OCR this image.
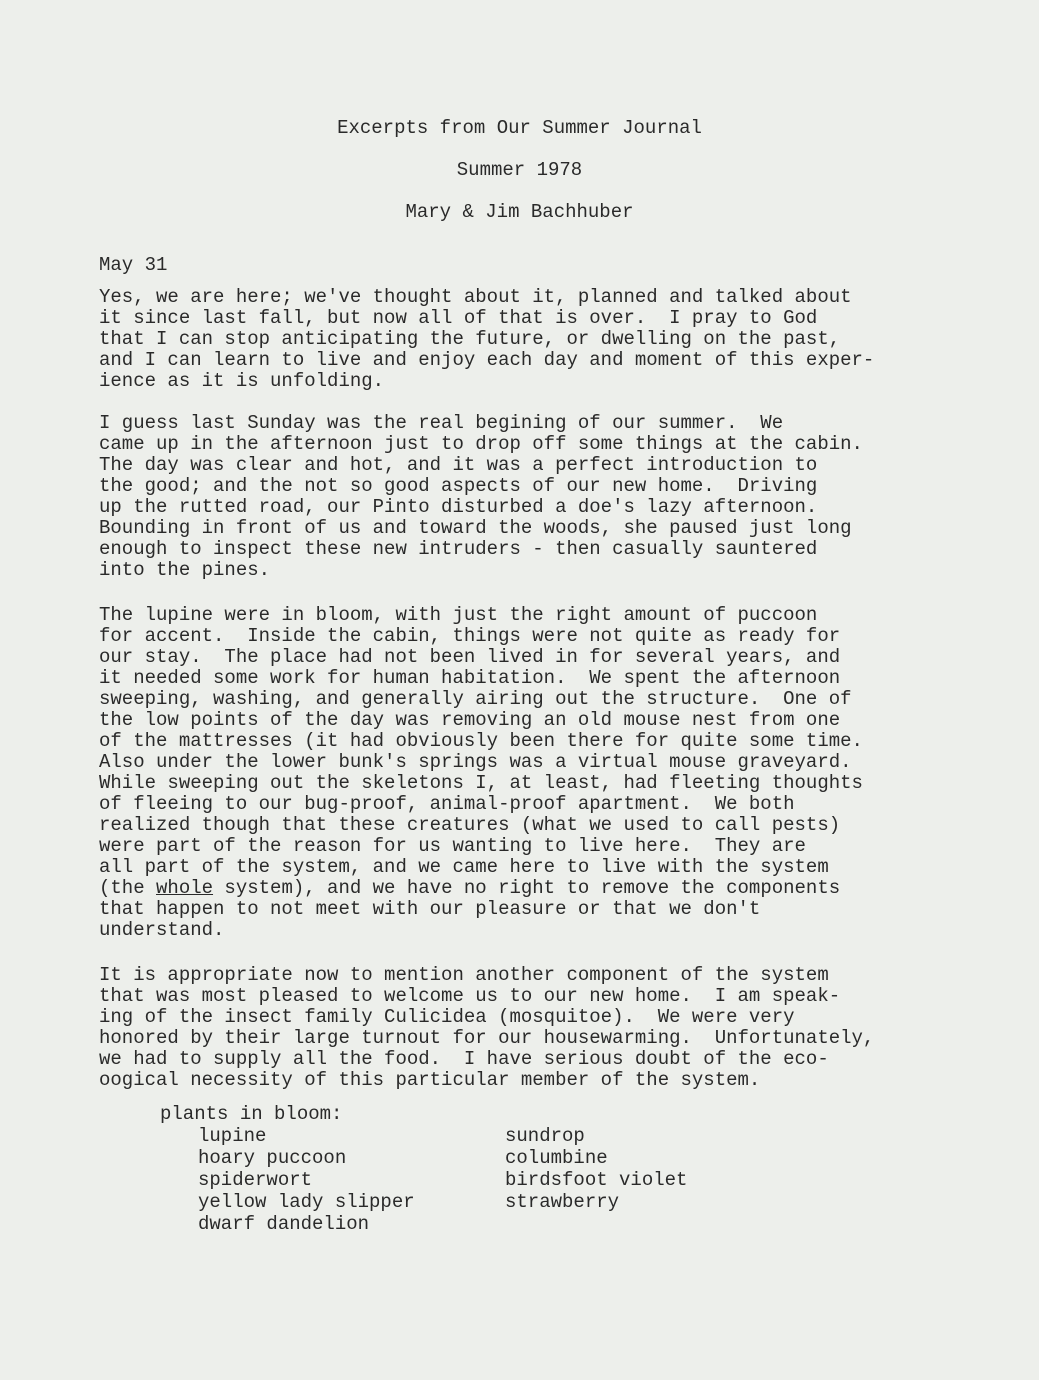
Excerpts from Our Summer Journal
Summer 1978
Mary & Jim Bachhuber
May 31
Yes, we are here; we've thought about it, planned and talked about
it since last fall, but now all of that is over.  I pray to God
that I can stop anticipating the future, or dwelling on the past,
and I can learn to live and enjoy each day and moment of this exper-
ience as it is unfolding.
I guess last Sunday was the real begining of our summer.  We
came up in the afternoon just to drop off some things at the cabin.
The day was clear and hot, and it was a perfect introduction to
the good; and the not so good aspects of our new home.  Driving
up the rutted road, our Pinto disturbed a doe's lazy afternoon.
Bounding in front of us and toward the woods, she paused just long
enough to inspect these new intruders - then casually sauntered
into the pines.
The lupine were in bloom, with just the right amount of puccoon
for accent.  Inside the cabin, things were not quite as ready for
our stay.  The place had not been lived in for several years, and
it needed some work for human habitation.  We spent the afternoon
sweeping, washing, and generally airing out the structure.  One of
the low points of the day was removing an old mouse nest from one
of the mattresses (it had obviously been there for quite some time.
Also under the lower bunk's springs was a virtual mouse graveyard.
While sweeping out the skeletons I, at least, had fleeting thoughts
of fleeing to our bug-proof, animal-proof apartment.  We both
realized though that these creatures (what we used to call pests)
were part of the reason for us wanting to live here.  They are
all part of the system, and we came here to live with the system
(the whole system), and we have no right to remove the components
that happen to not meet with our pleasure or that we don't
understand.
It is appropriate now to mention another component of the system
that was most pleased to welcome us to our new home.  I am speak-
ing of the insect family Culicidea (mosquitoe).  We were very
honored by their large turnout for our housewarming.  Unfortunately,
we had to supply all the food.  I have serious doubt of the eco-
oogical necessity of this particular member of the system.
plants in bloom:
lupine
hoary puccoon
spiderwort
yellow lady slipper
dwarf dandelion
sundrop
columbine
birdsfoot violet
strawberry
